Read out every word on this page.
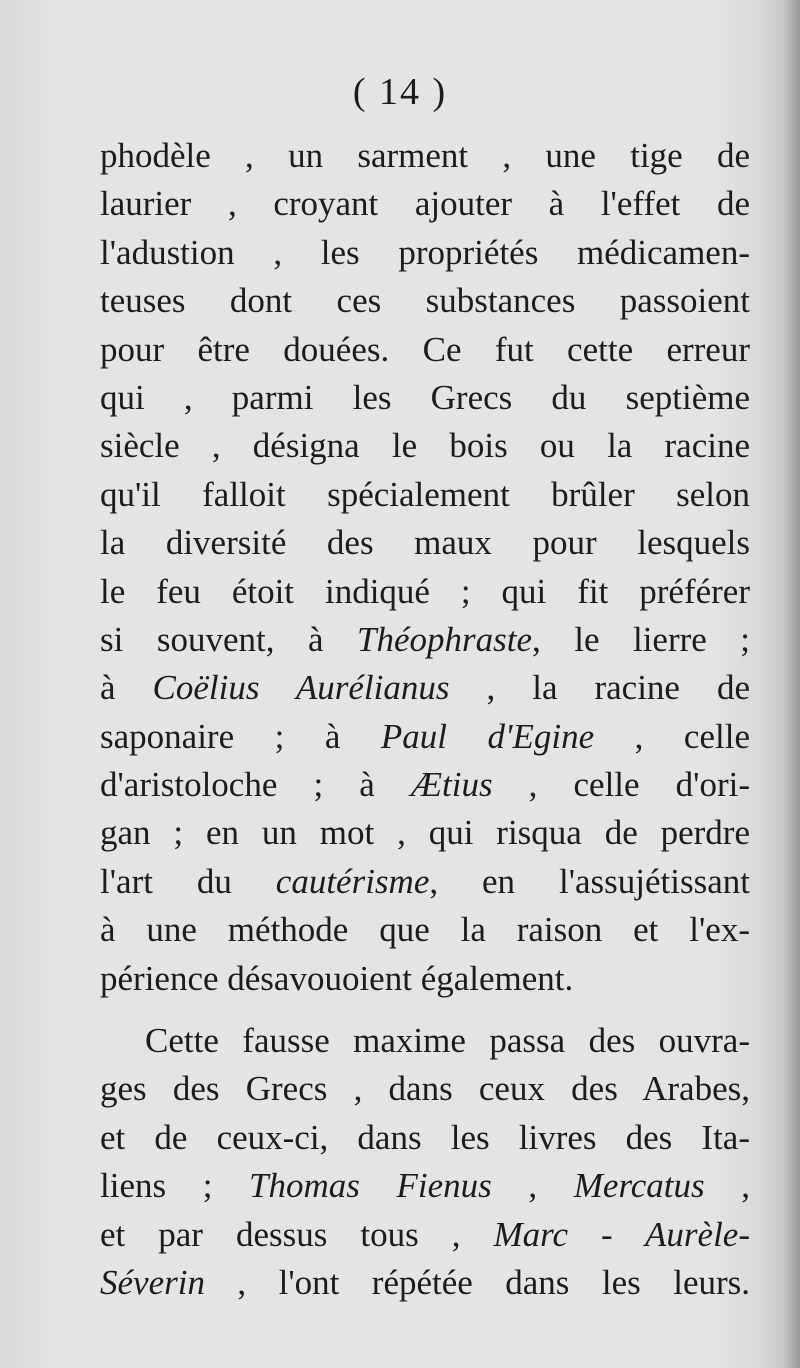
( 14 )
phodèle , un sarment , une tige de
laurier , croyant ajouter à l'effet de
l'adustion , les propriétés médicamen-
teuses dont ces substances passoient
pour être douées. Ce fut cette erreur
qui , parmi les Grecs du septième
siècle , désigna le bois ou la racine
qu'il falloit spécialement brûler selon
la diversité des maux pour lesquels
le feu étoit indiqué ; qui fit préférer
si souvent, à Théophraste, le lierre ;
à Coëlius Aurélianus , la racine de
saponaire ; à Paul d'Egine , celle
d'aristoloche ; à Ætius , celle d'ori-
gan ; en un mot , qui risqua de perdre
l'art du cautérisme, en l'assujétissant
à une méthode que la raison et l'ex-
périence désavouoient également.
Cette fausse maxime passa des ouvra-
ges des Grecs , dans ceux des Arabes,
et de ceux-ci, dans les livres des Ita-
liens ; Thomas Fienus , Mercatus ,
et par dessus tous , Marc - Aurèle-
Séverin , l'ont répétée dans les leurs.
